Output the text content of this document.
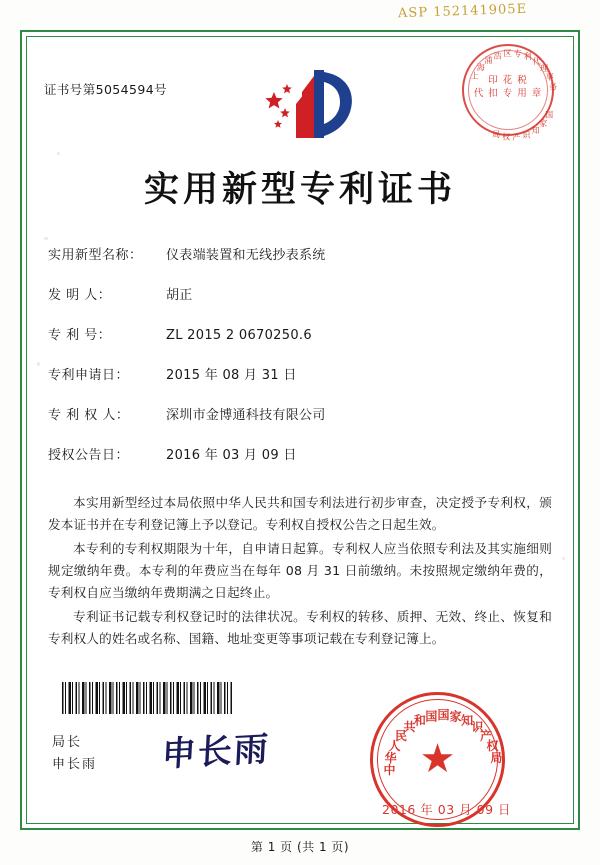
ASP 152141905E
证书号第5054594号
上
海
浦
浩 区 专 利
代
理
事
务
国
家
知
识
产
权
局
印 花 税
代 扣 专 用 章
实用新型专利证书
实用新型名称：	仪表端装置和无线抄表系统
发 明 人：	胡正
专 利 号：	ZL 2015 2 0670250.6
专利申请日：	2015 年 08 月 31 日
专 利 权 人：	深圳市金博通科技有限公司
授权公告日：	2016 年 03 月 09 日

本实用新型经过本局依照中华人民共和国专利法进行初步审查，决定授予专利权，颁发本证书并在专利登记簿上予以登记。专利权自授权公告之日起生效。

本专利的专利权期限为十年，自申请日起算。专利权人应当依照专利法及其实施细则规定缴纳年费。本专利的年费应当在每年 08 月 31 日前缴纳。未按照规定缴纳年费的，专利权自应当缴纳年费期满之日起终止。

专利证书记载专利权登记时的法律状况。专利权的转移、质押、无效、终止、恢复和专利权人的姓名或名称、国籍、地址变更等事项记载在专利登记簿上。

局长
申长雨 申长雨	★
中
华
人
民
共
和 国 国 家 知
识
产
权
局
2016 年 03 月 09 日
第 1 页 (共 1 页)
